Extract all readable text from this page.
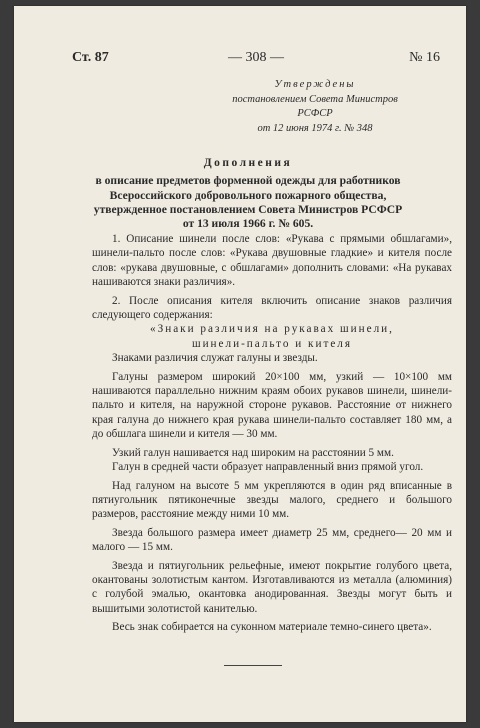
Ст. 87	— 308 —	№ 16
Утверждены
постановлением Совета Министров
РСФСР
от 12 июня 1974 г. № 348
Дополнения
в описание предметов форменной одежды для работников
Всероссийского добровольного пожарного общества,
утвержденное постановлением Совета Министров РСФСР
от 13 июля 1966 г. № 605.

1. Описание шинели после слов: «Рукава с прямыми обшлагами», шинели-пальто после слов: «Рукава двушовные гладкие» и кителя после слов: «рукава двушовные, с обшлагами» дополнить словами: «На рукавах нашиваются знаки различия».

2. После описания кителя включить описание знаков различия следующего содержания:

«Знаки различия на рукавах шинели,

шинели-пальто и кителя

Знаками различия служат галуны и звезды.

Галуны размером широкий 20×100 мм, узкий — 10×100 мм нашиваются параллельно нижним краям обоих рукавов шинели, шинели-пальто и кителя, на наружной стороне рукавов. Расстояние от нижнего края галуна до нижнего края рукава шинели-пальто составляет 180 мм, а до обшлага шинели и кителя — 30 мм.

Узкий галун нашивается над широким на расстоянии 5 мм.

Галун в средней части образует направленный вниз прямой угол.

Над галуном на высоте 5 мм укрепляются в один ряд вписанные в пятиугольник пятиконечные звезды малого, среднего и большого размеров, расстояние между ними 10 мм.

Звезда большого размера имеет диаметр 25 мм, среднего— 20 мм и малого — 15 мм.

Звезда и пятиугольник рельефные, имеют покрытие голубого цвета, окантованы золотистым кантом. Изготавливаются из металла (алюминия) с голубой эмалью, окантовка анодированная. Звезды могут быть и вышитыми золотистой канителью.

Весь знак собирается на суконном материале темно-синего цвета».
